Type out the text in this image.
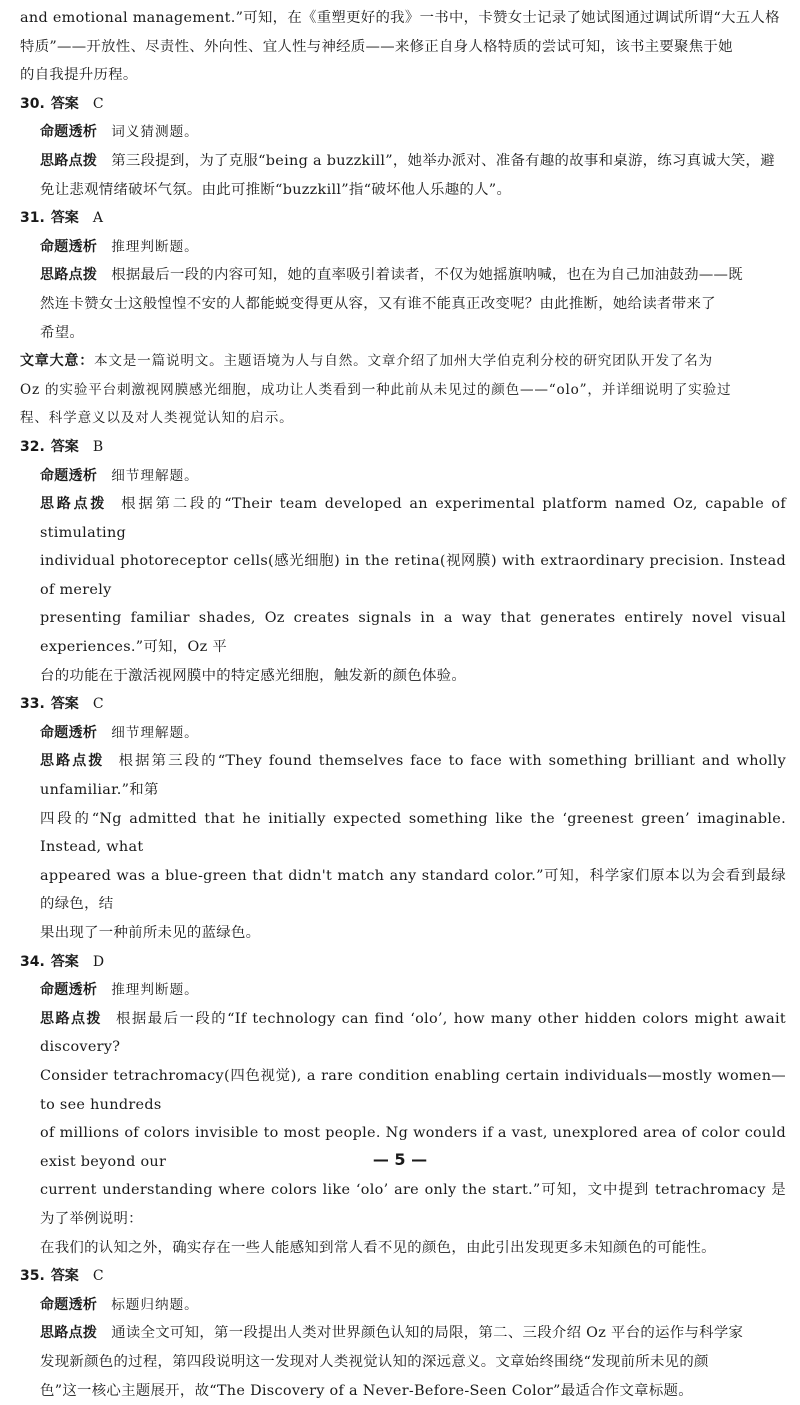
and emotional management.”可知，在《重塑更好的我》一书中，卡赞女士记录了她试图通过调试所谓“大五人格
特质”——开放性、尽责性、外向性、宜人性与神经质——来修正自身人格特质的尝试可知，该书主要聚焦于她
的自我提升历程。
30. 答案 C
命题透析 词义猜测题。
思路点拨 第三段提到，为了克服“being a buzzkill”，她举办派对、准备有趣的故事和桌游，练习真诚大笑，避
免让悲观情绪破坏气氛。由此可推断“buzzkill”指“破坏他人乐趣的人”。
31. 答案 A
命题透析 推理判断题。
思路点拨 根据最后一段的内容可知，她的直率吸引着读者，不仅为她摇旗呐喊，也在为自己加油鼓劲——既
然连卡赞女士这般惶惶不安的人都能蜕变得更从容，又有谁不能真正改变呢？由此推断，她给读者带来了
希望。
文章大意：本文是一篇说明文。主题语境为人与自然。文章介绍了加州大学伯克利分校的研究团队开发了名为
Oz 的实验平台刺激视网膜感光细胞，成功让人类看到一种此前从未见过的颜色——“olo”，并详细说明了实验过
程、科学意义以及对人类视觉认知的启示。
32. 答案 B
命题透析 细节理解题。
思路点拨 根据第二段的“Their team developed an experimental platform named Oz, capable of stimulating
individual photoreceptor cells(感光细胞) in the retina(视网膜) with extraordinary precision. Instead of merely
presenting familiar shades, Oz creates signals in a way that generates entirely novel visual experiences.”可知，Oz 平
台的功能在于激活视网膜中的特定感光细胞，触发新的颜色体验。
33. 答案 C
命题透析 细节理解题。
思路点拨 根据第三段的“They found themselves face to face with something brilliant and wholly unfamiliar.”和第
四段的“Ng admitted that he initially expected something like the ‘greenest green’ imaginable. Instead, what
appeared was a blue-green that didn't match any standard color.”可知，科学家们原本以为会看到最绿的绿色，结
果出现了一种前所未见的蓝绿色。
34. 答案 D
命题透析 推理判断题。
思路点拨 根据最后一段的“If technology can find ‘olo’, how many other hidden colors might await discovery?
Consider tetrachromacy(四色视觉), a rare condition enabling certain individuals—mostly women—to see hundreds
of millions of colors invisible to most people. Ng wonders if a vast, unexplored area of color could exist beyond our
current understanding where colors like ‘olo’ are only the start.”可知，文中提到 tetrachromacy 是为了举例说明：
在我们的认知之外，确实存在一些人能感知到常人看不见的颜色，由此引出发现更多未知颜色的可能性。
35. 答案 C
命题透析 标题归纳题。
思路点拨 通读全文可知，第一段提出人类对世界颜色认知的局限，第二、三段介绍 Oz 平台的运作与科学家
发现新颜色的过程，第四段说明这一发现对人类视觉认知的深远意义。文章始终围绕“发现前所未见的颜
色”这一核心主题展开，故“The Discovery of a Never-Before-Seen Color”最适合作文章标题。
— 5 —
